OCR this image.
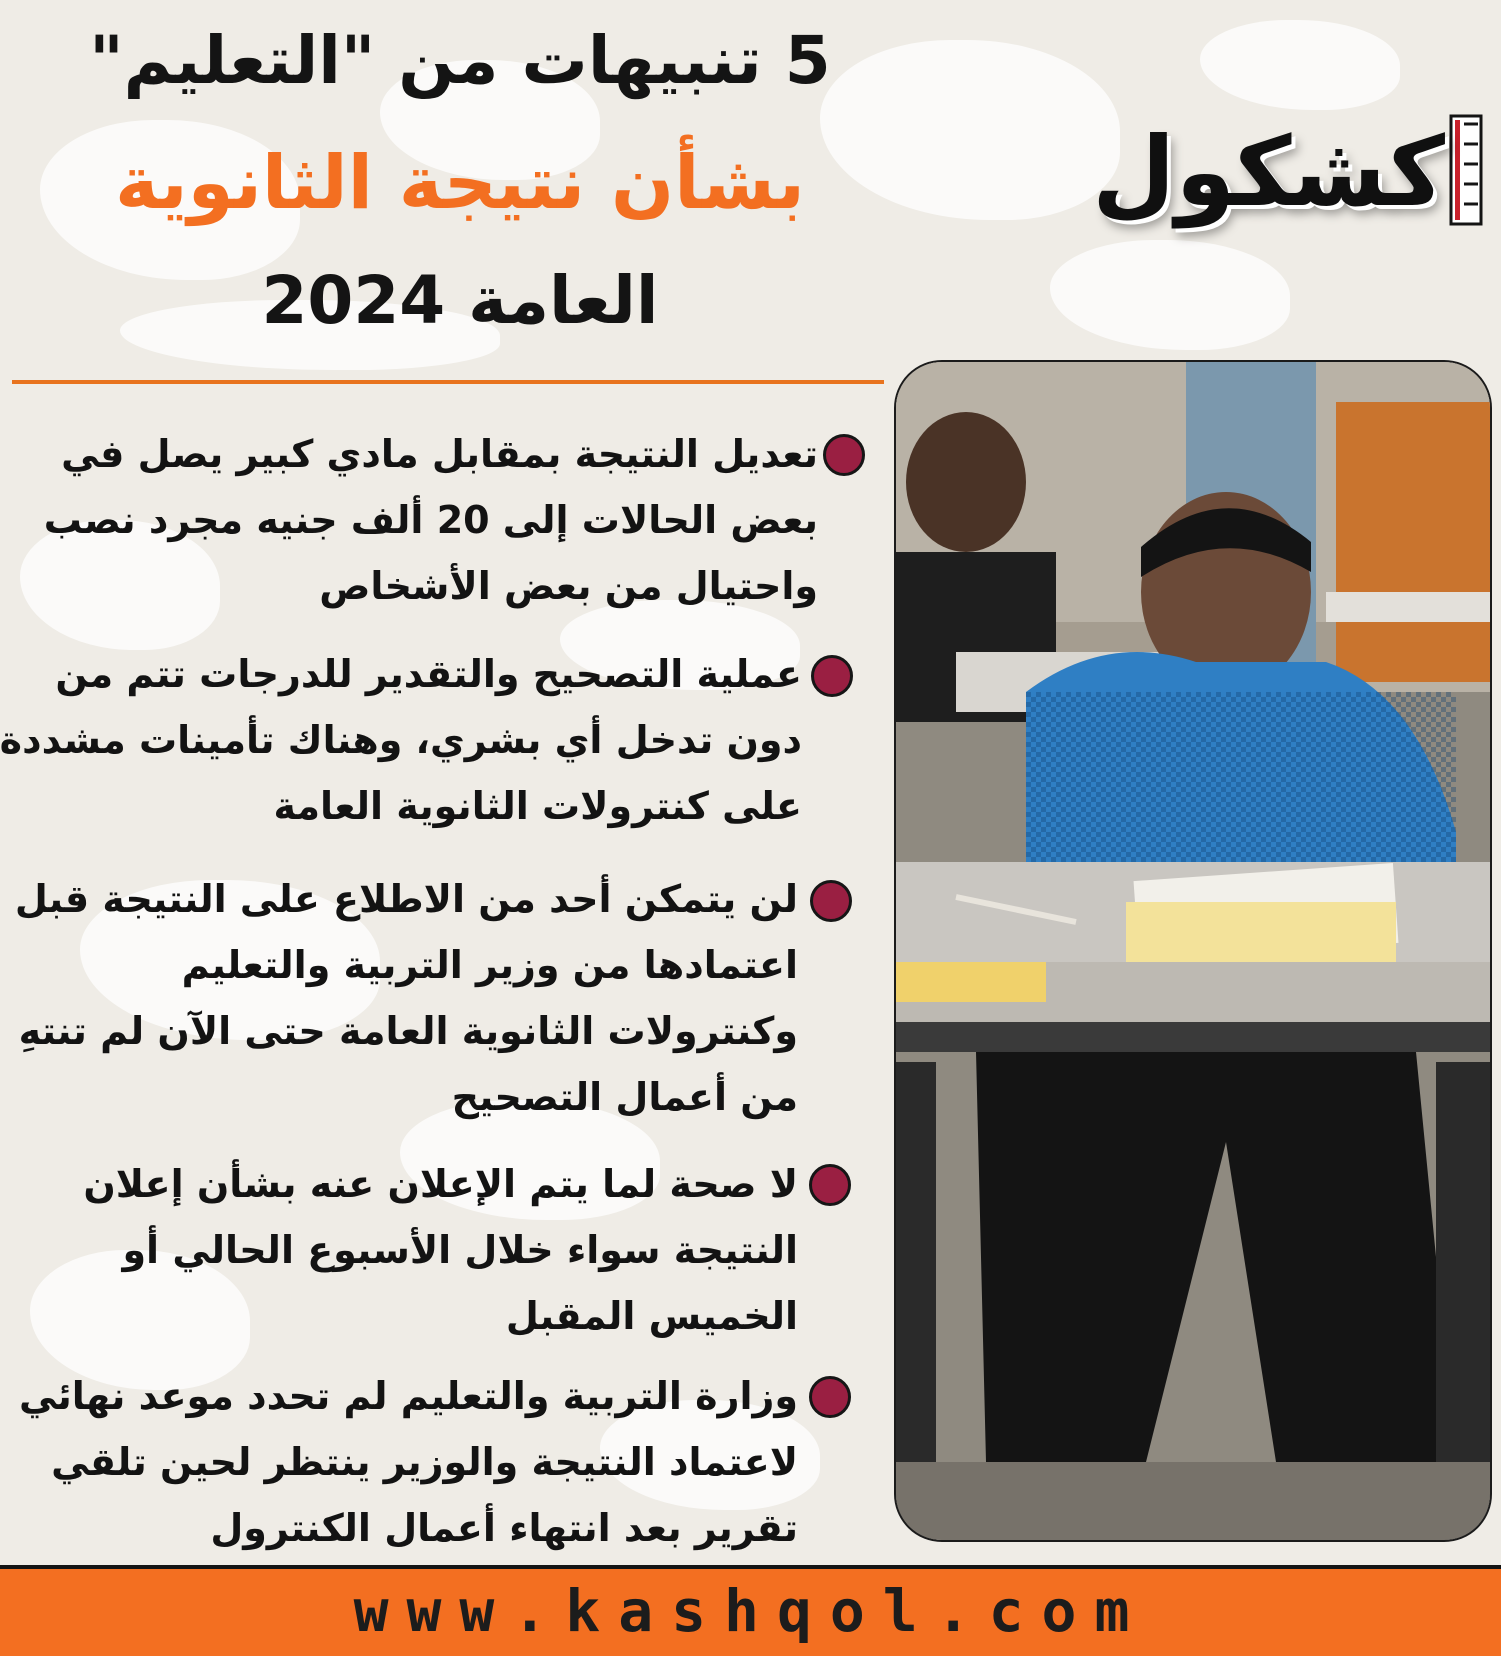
5 تنبيهات من "التعليم"

بشأن نتيجة الثانوية

العامة 2024

كشكول

تعديل النتيجة بمقابل مادي كبير يصل في
بعض الحالات إلى 20 ألف جنيه مجرد نصب
واحتيال من بعض الأشخاص

عملية التصحيح والتقدير للدرجات تتم من
دون تدخل أي بشري، وهناك تأمينات مشددة
على كنترولات الثانوية العامة

لن يتمكن أحد من الاطلاع على النتيجة قبل
اعتمادها من وزير التربية والتعليم
وكنترولات الثانوية العامة حتى الآن لم تنتهِ
من أعمال التصحيح

لا صحة لما يتم الإعلان عنه بشأن إعلان
النتيجة سواء خلال الأسبوع الحالي أو
الخميس المقبل

وزارة التربية والتعليم لم تحدد موعد نهائي
لاعتماد النتيجة والوزير ينتظر لحين تلقي
تقرير بعد انتهاء أعمال الكنترول

www.kashqol.com
